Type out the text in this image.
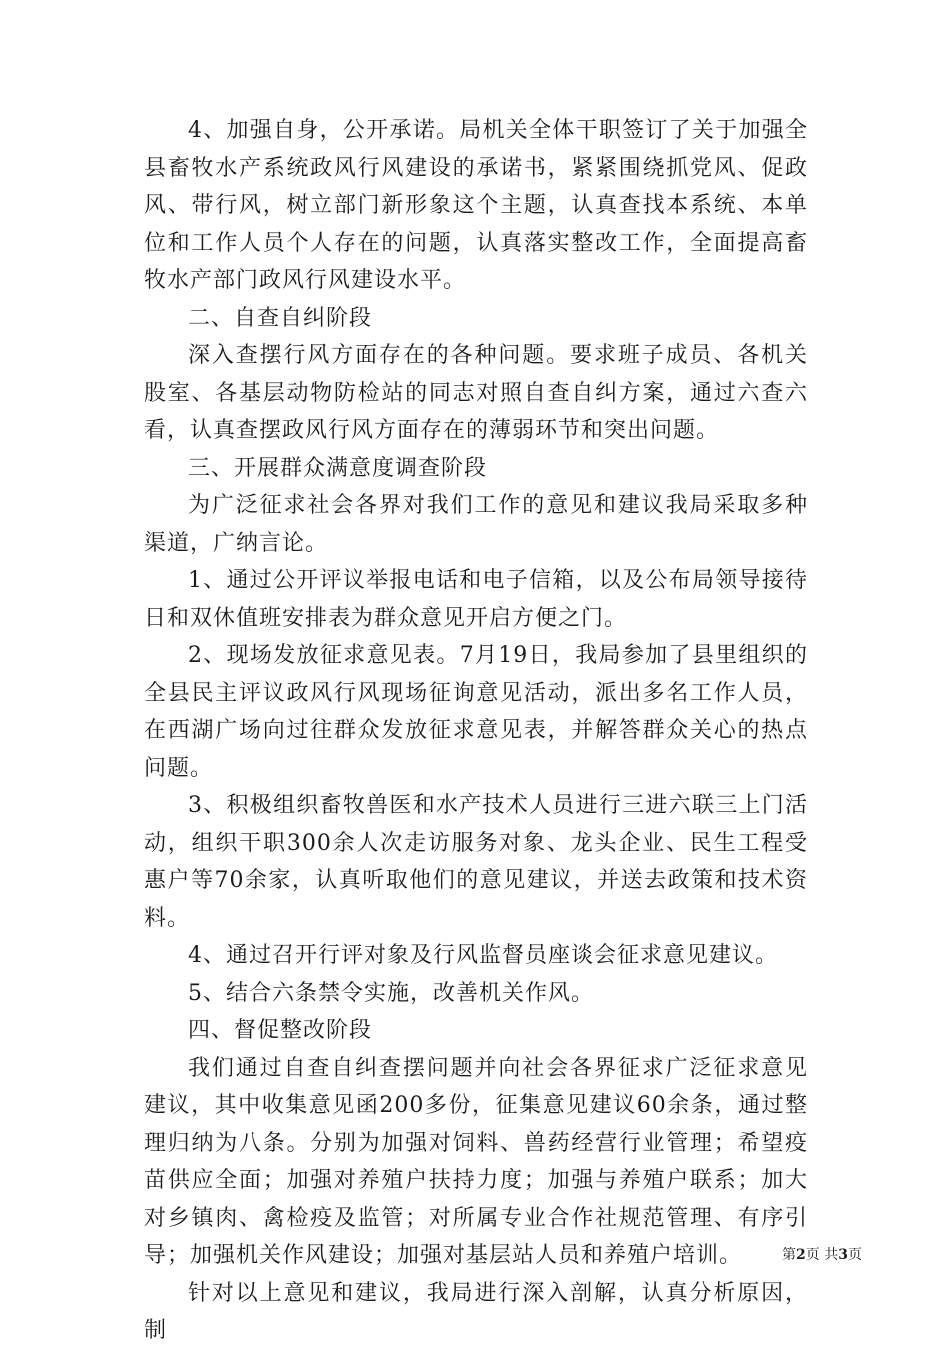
4、加强自身，公开承诺。局机关全体干职签订了关于加强全县畜牧水产系统政风行风建设的承诺书，紧紧围绕抓党风、促政风、带行风，树立部门新形象这个主题，认真查找本系统、本单位和工作人员个人存在的问题，认真落实整改工作，全面提高畜牧水产部门政风行风建设水平。

二、自查自纠阶段

深入查摆行风方面存在的各种问题。要求班子成员、各机关股室、各基层动物防检站的同志对照自查自纠方案，通过六查六看，认真查摆政风行风方面存在的薄弱环节和突出问题。

三、开展群众满意度调查阶段

为广泛征求社会各界对我们工作的意见和建议我局采取多种渠道，广纳言论。

1、通过公开评议举报电话和电子信箱，以及公布局领导接待日和双休值班安排表为群众意见开启方便之门。

2、现场发放征求意见表。7月19日，我局参加了县里组织的全县民主评议政风行风现场征询意见活动，派出多名工作人员，在西湖广场向过往群众发放征求意见表，并解答群众关心的热点问题。

3、积极组织畜牧兽医和水产技术人员进行三进六联三上门活动，组织干职300余人次走访服务对象、龙头企业、民生工程受惠户等70余家，认真听取他们的意见建议，并送去政策和技术资料。

4、通过召开行评对象及行风监督员座谈会征求意见建议。

5、结合六条禁令实施，改善机关作风。

四、督促整改阶段

我们通过自查自纠查摆问题并向社会各界征求广泛征求意见建议，其中收集意见函200多份，征集意见建议60余条，通过整理归纳为八条。分别为加强对饲料、兽药经营行业管理；希望疫苗供应全面；加强对养殖户扶持力度；加强与养殖户联系；加大对乡镇肉、禽检疫及监管；对所属专业合作社规范管理、有序引导；加强机关作风建设；加强对基层站人员和养殖户培训。

针对以上意见和建议，我局进行深入剖解，认真分析原因，制

第2页 共3页
